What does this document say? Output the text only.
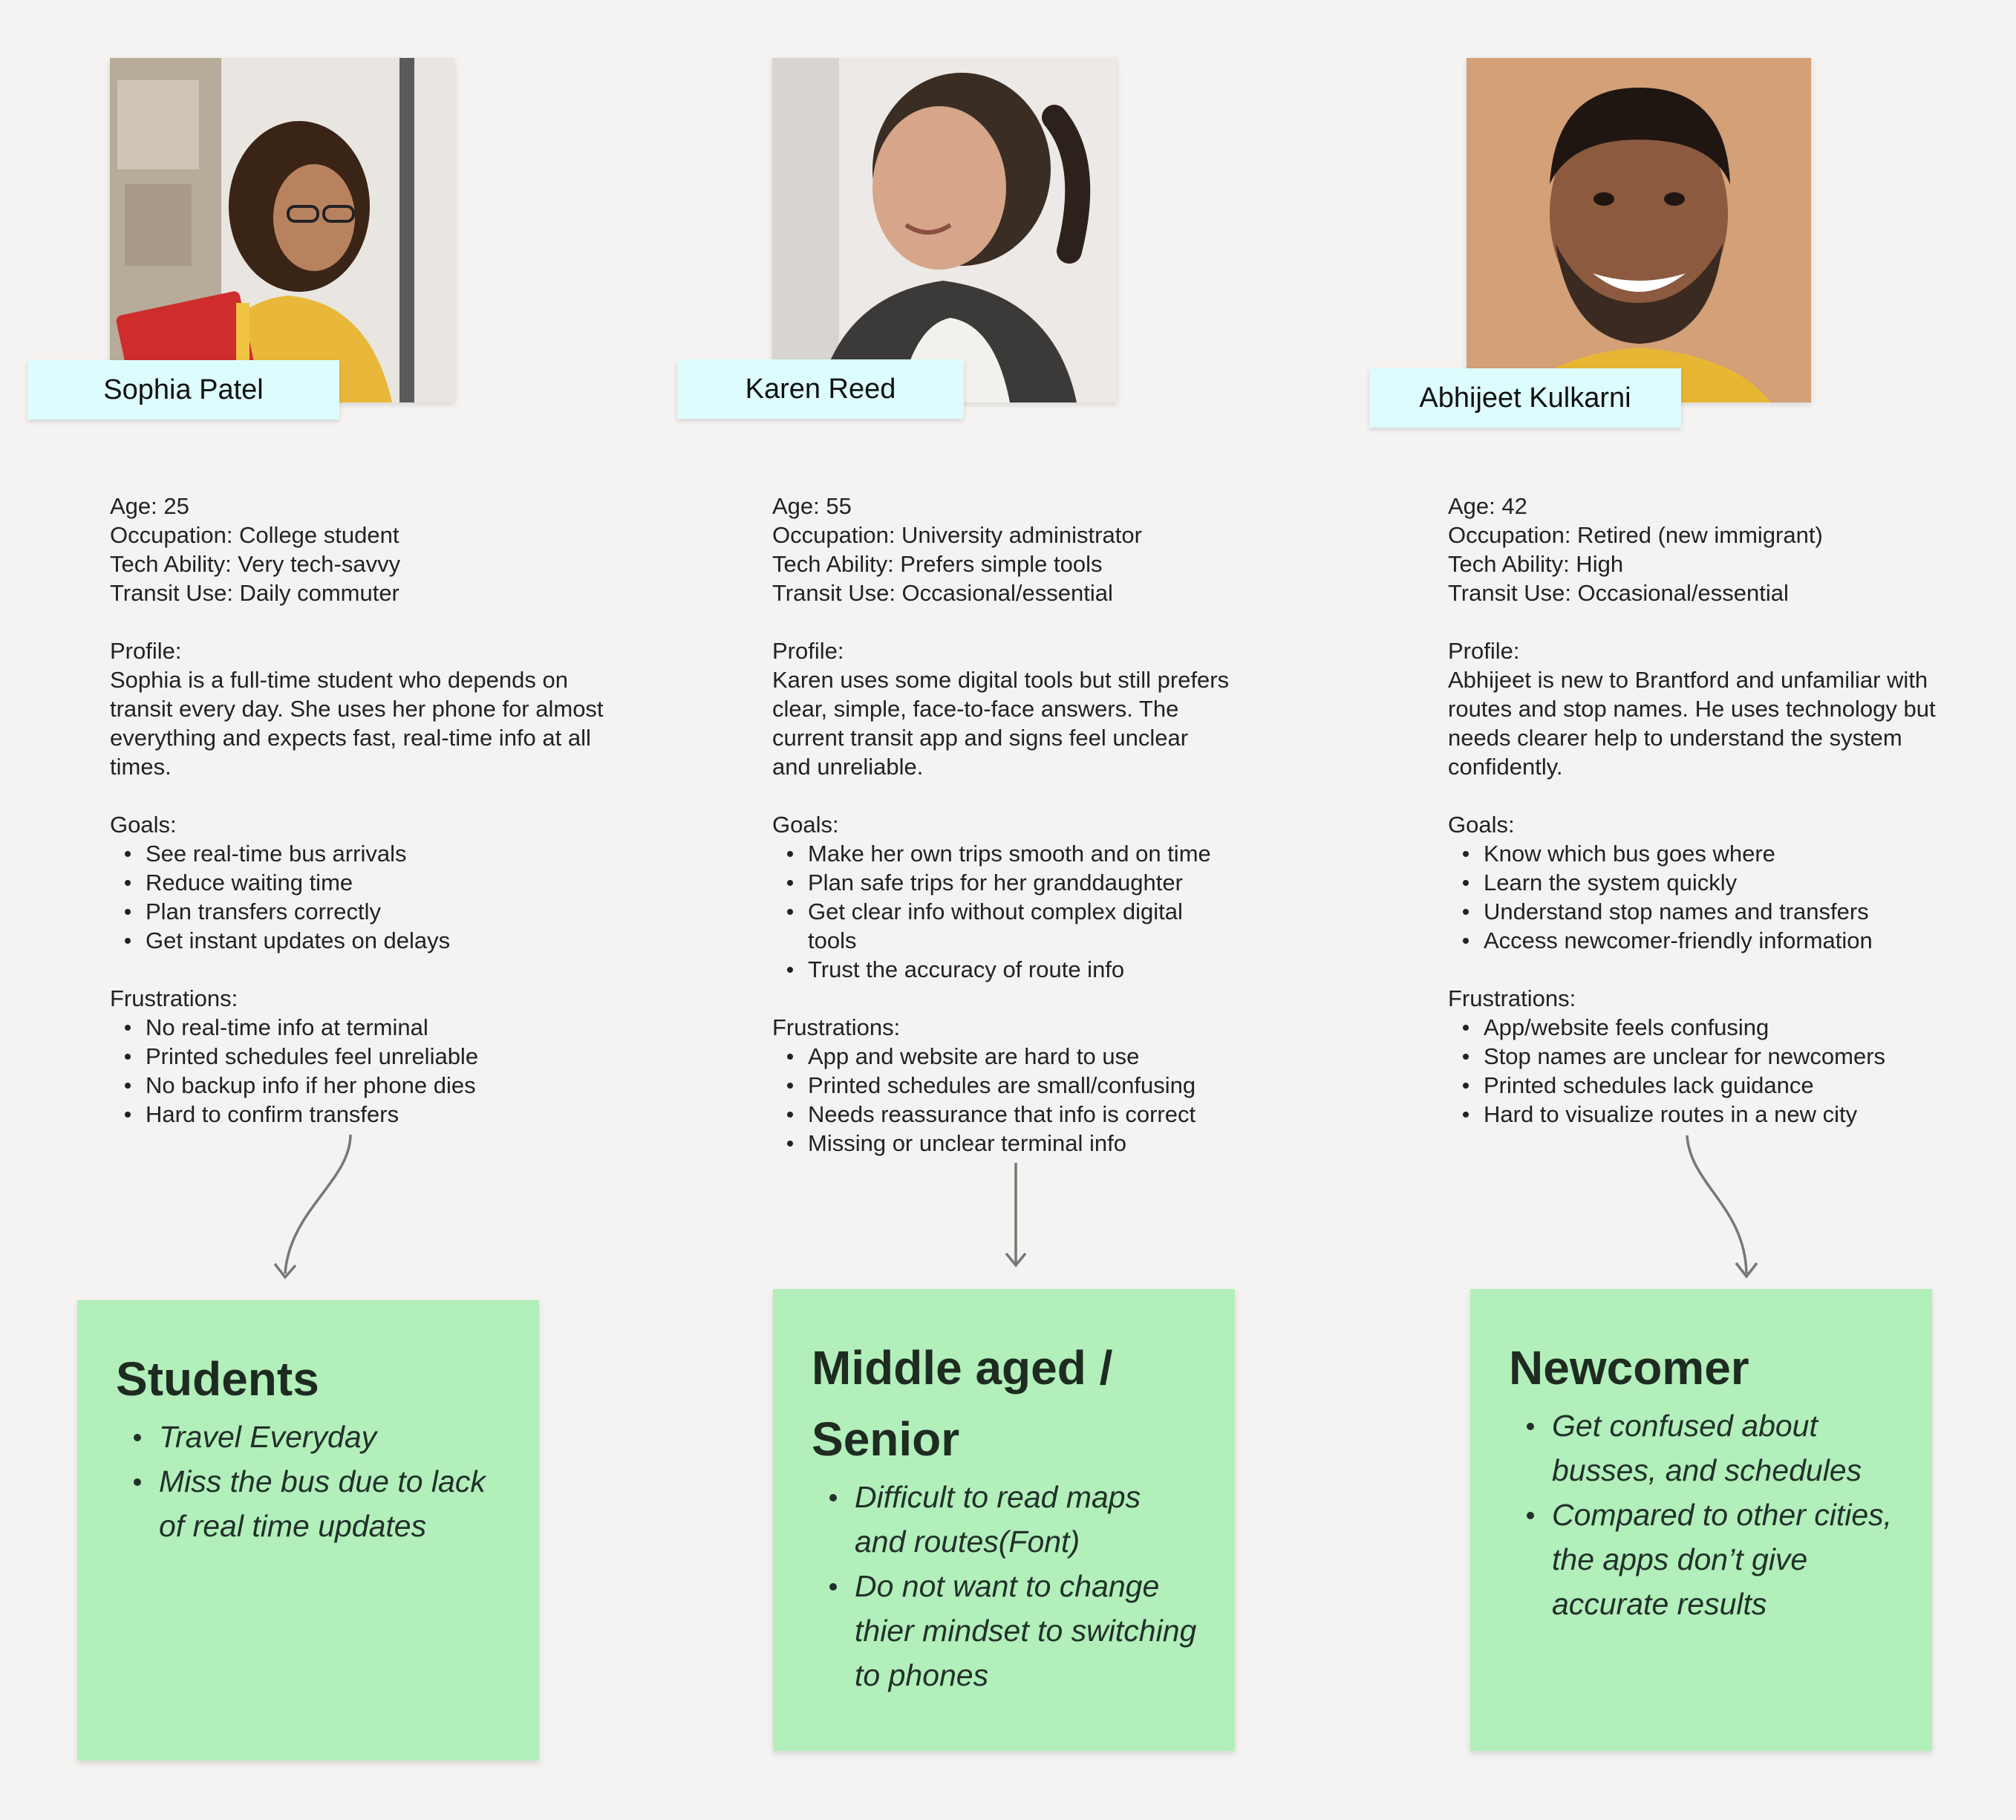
Sophia Patel
Age: 25
Occupation: College student
Tech Ability: Very tech-savvy
Transit Use: Daily commuter
Profile:
Sophia is a full-time student who depends on transit every day. She uses her phone for almost everything and expects fast, real-time info at all times.
Goals:
See real-time bus arrivals
Reduce waiting time
Plan transfers correctly
Get instant updates on delays
Frustrations:
No real-time info at terminal
Printed schedules feel unreliable
No backup info if her phone dies
Hard to confirm transfers
Students
Travel Everyday
Miss the bus due to lack of real time updates
Karen Reed
Age: 55
Occupation: University administrator
Tech Ability: Prefers simple tools
Transit Use: Occasional/essential
Profile:
Karen uses some digital tools but still prefers clear, simple, face-to-face answers. The current transit app and signs feel unclear and unreliable.
Goals:
Make her own trips smooth and on time
Plan safe trips for her granddaughter
Get clear info without complex digital tools
Trust the accuracy of route info
Frustrations:
App and website are hard to use
Printed schedules are small/confusing
Needs reassurance that info is correct
Missing or unclear terminal info
Middle aged / Senior
Difficult to read maps and routes(Font)
Do not want to change thier mindset to switching to phones
Abhijeet Kulkarni
Age: 42
Occupation: Retired (new immigrant)
Tech Ability: High
Transit Use: Occasional/essential
Profile:
Abhijeet is new to Brantford and unfamiliar with routes and stop names. He uses technology but needs clearer help to understand the system confidently.
Goals:
Know which bus goes where
Learn the system quickly
Understand stop names and transfers
Access newcomer-friendly information
Frustrations:
App/website feels confusing
Stop names are unclear for newcomers
Printed schedules lack guidance
Hard to visualize routes in a new city
Newcomer
Get confused about busses, and schedules
Compared to other cities, the apps don’t give accurate results
